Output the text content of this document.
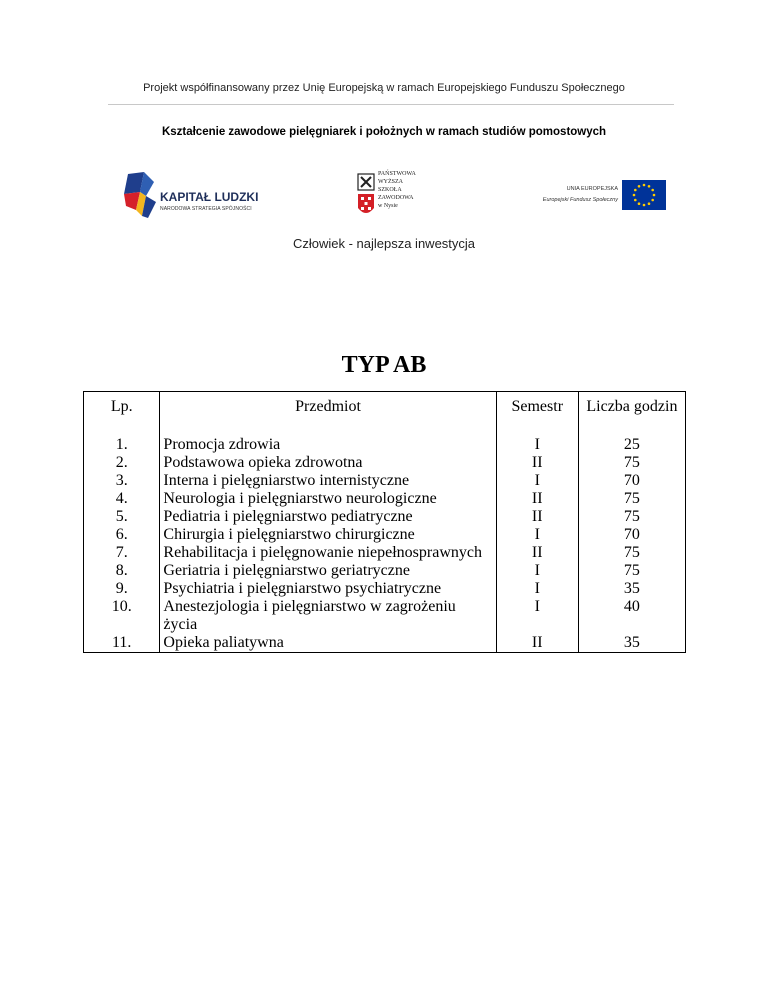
Projekt współfinansowany przez Unię Europejską w ramach Europejskiego Funduszu Społecznego
Kształcenie zawodowe pielęgniarek i położnych w ramach studiów pomostowych
KAPITAŁ LUDZKI
NARODOWA STRATEGIA SPÓJNOŚCI
PAŃSTWOWA
WYŻSZA
SZKOŁA
ZAWODOWA
w Nysie
UNIA EUROPEJSKA
Europejski Fundusz Społeczny
Człowiek - najlepsza inwestycja
TYP AB
Lp.	Przedmiot	Semestr	Liczba godzin
1.	Promocja zdrowia	I	25
2.	Podstawowa opieka zdrowotna	II	75
3.	Interna i pielęgniarstwo internistyczne	I	70
4.	Neurologia i pielęgniarstwo neurologiczne	II	75
5.	Pediatria i pielęgniarstwo pediatryczne	II	75
6.	Chirurgia i pielęgniarstwo chirurgiczne	I	70
7.	Rehabilitacja i pielęgnowanie niepełnosprawnych	II	75
8.	Geriatria i pielęgniarstwo geriatryczne	I	75
9.	Psychiatria i pielęgniarstwo psychiatryczne	I	35
10.	Anestezjologia i pielęgniarstwo w zagrożeniu życia	I	40
11.	Opieka paliatywna	II	35
